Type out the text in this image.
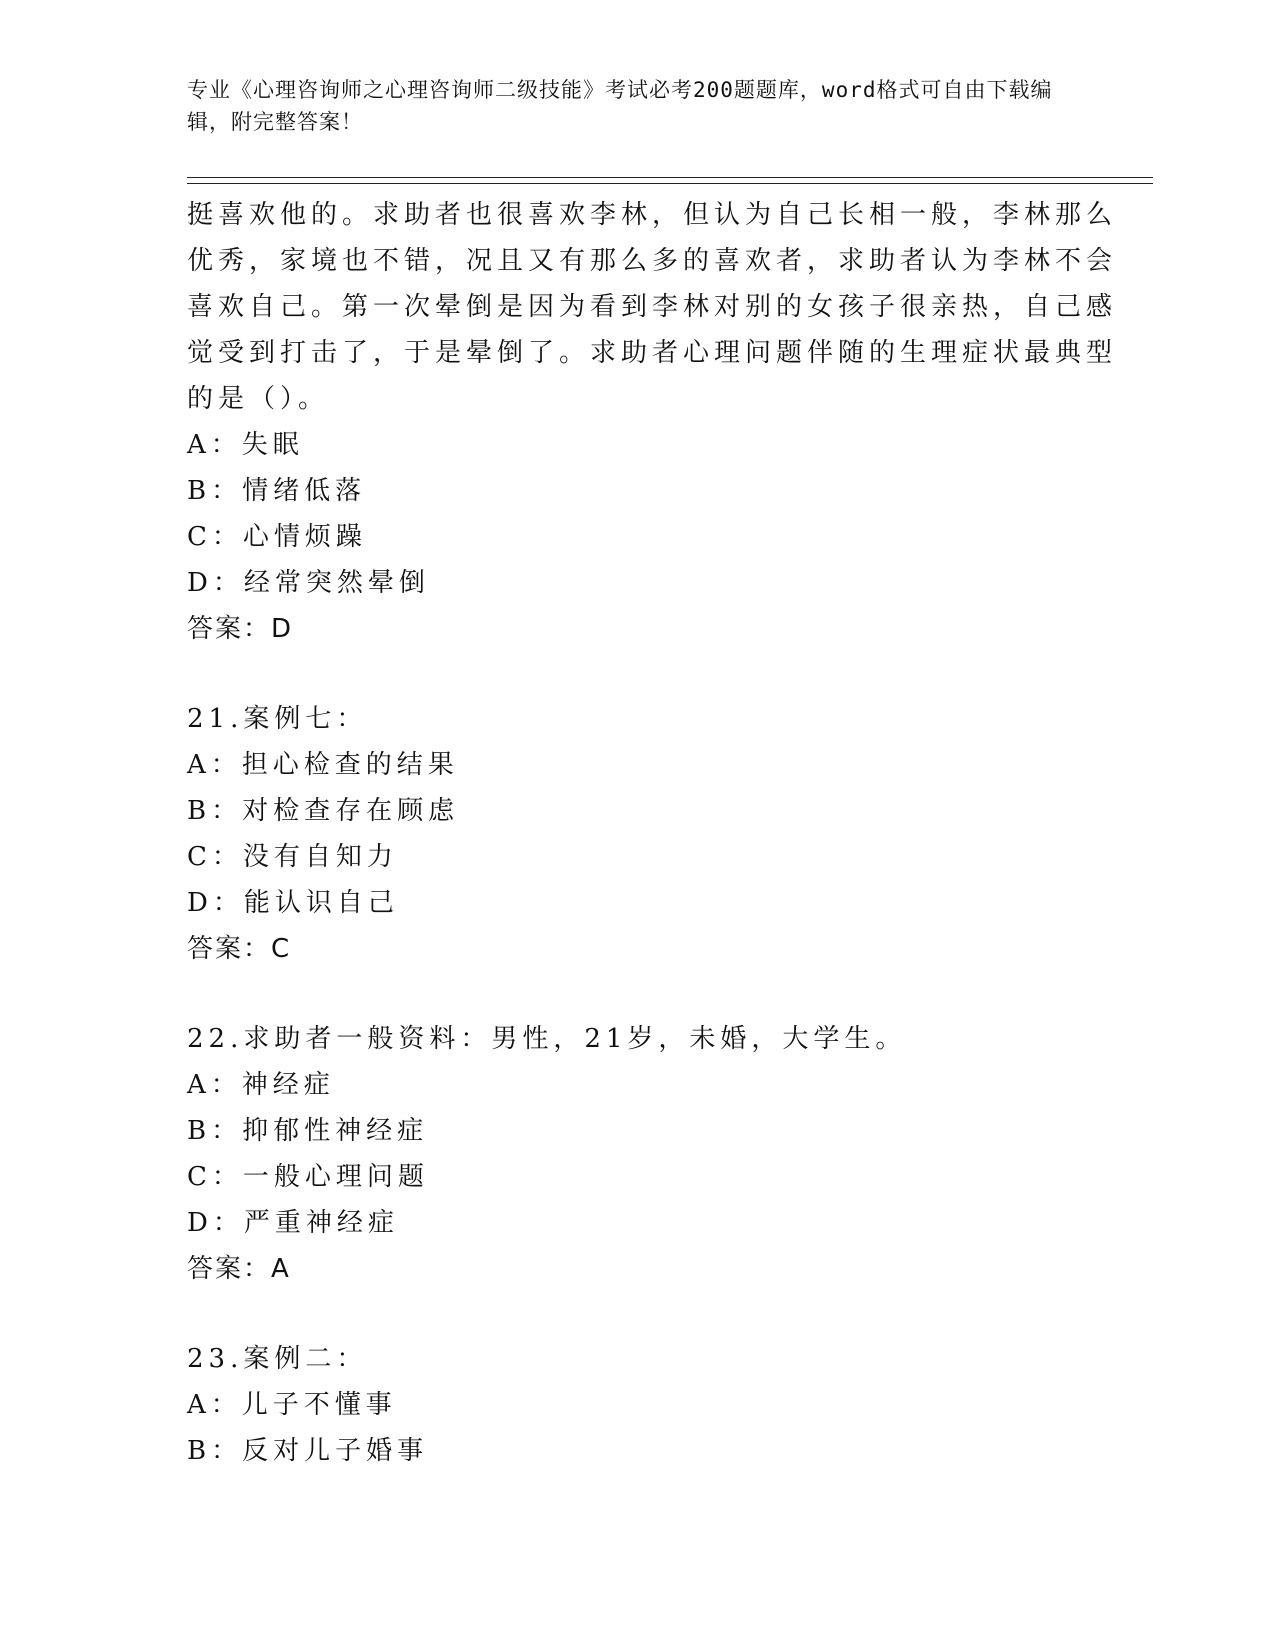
专业《心理咨询师之心理咨询师二级技能》考试必考200题题库，word格式可自由下载编辑，附完整答案！
挺喜欢他的。求助者也很喜欢李林，但认为自己长相一般，李林那么
优秀，家境也不错，况且又有那么多的喜欢者，求助者认为李林不会
喜欢自己。第一次晕倒是因为看到李林对别的女孩子很亲热，自己感
觉受到打击了，于是晕倒了。求助者心理问题伴随的生理症状最典型
的是（）。
A：失眠
B：情绪低落
C：心情烦躁
D：经常突然晕倒
答案：D
21.案例七：
A：担心检查的结果
B：对检查存在顾虑
C：没有自知力
D：能认识自己
答案：C
22.求助者一般资料：男性，21岁，未婚，大学生。
A：神经症
B：抑郁性神经症
C：一般心理问题
D：严重神经症
答案：A
23.案例二：
A：儿子不懂事
B：反对儿子婚事
